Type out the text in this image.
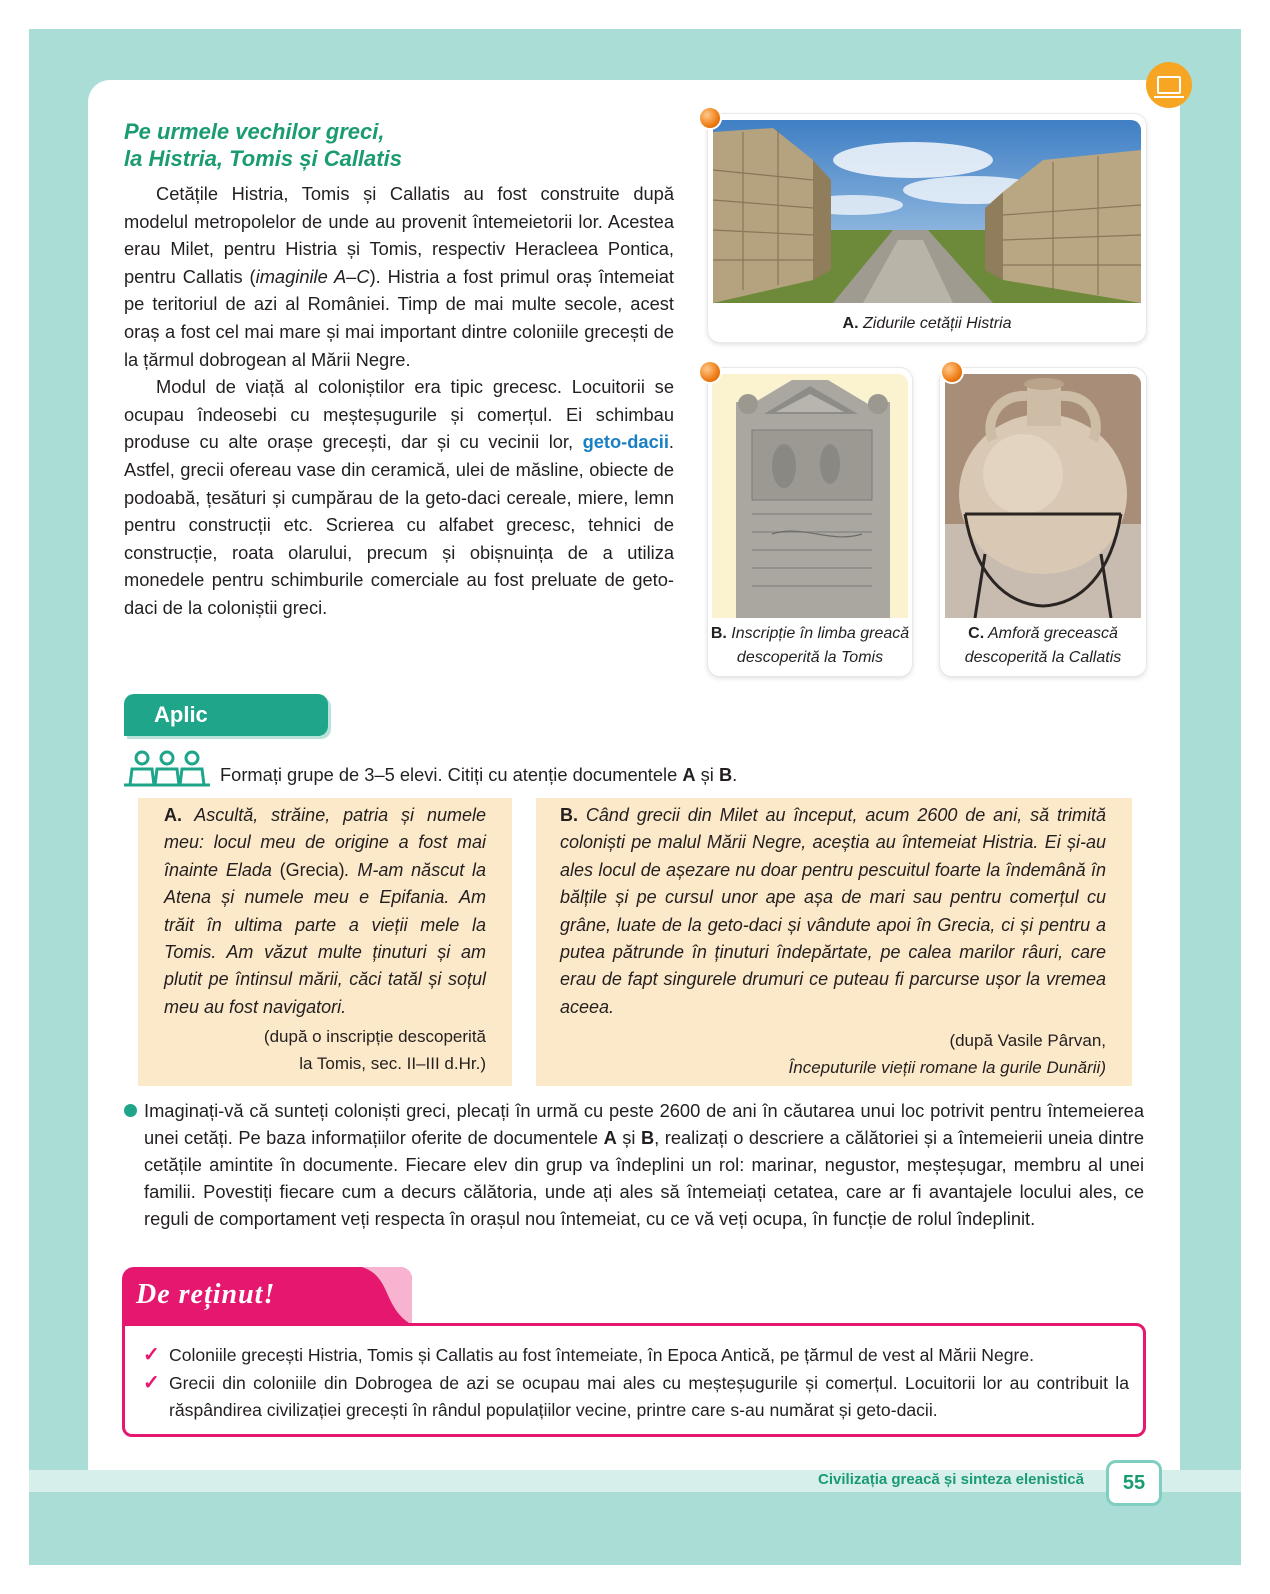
Pe urmele vechilor greci,
la Histria, Tomis și Callatis

Cetățile Histria, Tomis și Callatis au fost construite după modelul metropolelor de unde au provenit întemeietorii lor. Acestea erau Milet, pentru Histria și Tomis, respectiv Heracleea Pontica, pentru Callatis (imaginile A–C). Histria a fost primul oraș întemeiat pe teritoriul de azi al României. Timp de mai multe secole, acest oraș a fost cel mai mare și mai important dintre coloniile grecești de la țărmul dobrogean al Mării Negre.

Modul de viață al coloniștilor era tipic grecesc. Locuitorii se ocupau îndeosebi cu meșteșugurile și comerțul. Ei schimbau produse cu alte orașe grecești, dar și cu vecinii lor, geto-dacii. Astfel, grecii ofereau vase din ceramică, ulei de măsline, obiecte de podoabă, țesături și cumpărau de la geto-daci cereale, miere, lemn pentru construcții etc. Scrierea cu alfabet grecesc, tehnici de construcție, roata olarului, precum și obișnuința de a utiliza monedele pentru schimburile comerciale au fost preluate de geto-daci de la coloniștii greci.

A. Zidurile cetății Histria
B. Inscripție în limba greacă
descoperită la Tomis
C. Amforă grecească
descoperită la Callatis
Aplic
Formați grupe de 3–5 elevi. Citiți cu atenție documentele A și B.
A. Ascultă, străine, patria și numele meu: locul meu de origine a fost mai înainte Elada (Grecia). M-am născut la Atena și numele meu e Epifania. Am trăit în ultima parte a vieții mele la Tomis. Am văzut multe ținuturi și am plutit pe întinsul mării, căci tatăl și soțul meu au fost navigatori.
(după o inscripție descoperită
la Tomis, sec. II–III d.Hr.)
B. Când grecii din Milet au început, acum 2600 de ani, să trimită coloniști pe malul Mării Negre, aceștia au întemeiat Histria. Ei și-au ales locul de așezare nu doar pentru pescuitul foarte la îndemână în bălțile și pe cursul unor ape așa de mari sau pentru comerțul cu grâne, luate de la geto-daci și vândute apoi în Grecia, ci și pentru a putea pătrunde în ținuturi îndepărtate, pe calea marilor râuri, care erau de fapt singurele drumuri ce puteau fi parcurse ușor la vremea aceea.
(după Vasile Pârvan,
Începuturile vieții romane la gurile Dunării)
Imaginați-vă că sunteți coloniști greci, plecați în urmă cu peste 2600 de ani în căutarea unui loc potrivit pentru întemeierea unei cetăți. Pe baza informațiilor oferite de documentele A și B, realizați o descriere a călătoriei și a întemeierii uneia dintre cetățile amintite în documente. Fiecare elev din grup va îndeplini un rol: marinar, negustor, meșteșugar, membru al unei familii. Povestiți fiecare cum a decurs călătoria, unde ați ales să întemeiați cetatea, care ar fi avantajele locului ales, ce reguli de comportament veți respecta în orașul nou întemeiat, cu ce vă veți ocupa, în funcție de rolul îndeplinit.
De reținut!
✓ Coloniile grecești Histria, Tomis și Callatis au fost întemeiate, în Epoca Antică, pe țărmul de vest al Mării Negre.
✓ Grecii din coloniile din Dobrogea de azi se ocupau mai ales cu meșteșugurile și comerțul. Locuitorii lor au contribuit la răspândirea civilizației grecești în rândul populațiilor vecine, printre care s-au numărat și geto-dacii.
Civilizația greacă și sinteza elenistică	55
